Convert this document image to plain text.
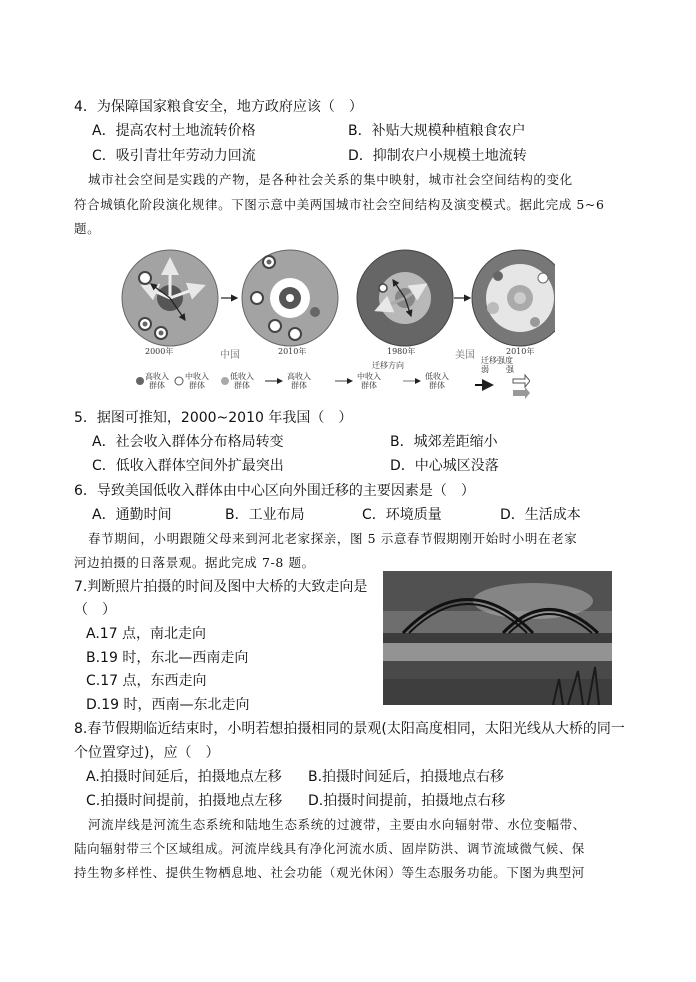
4．为保障国家粮食安全，地方政府应该（　）
A．提高农村土地流转价格	B．补贴大规模种植粮食农户
C．吸引青壮年劳动力回流	D．抑制农户小规模土地流转
城市社会空间是实践的产物，是各种社会关系的集中映射，城市社会空间结构的变化
符合城镇化阶段演化规律。下图示意中美两国城市社会空间结构及演变模式。据此完成 5~6
题。
2000年	中国	2010年	1980年	美国	2010年
高收入
群体
中收入
群体
低收入
群体
迁移方向
高收入
群体
中收入
群体
低收入
群体
迁移强度
弱 强
5．据图可推知，2000~2010 年我国（　）
A．社会收入群体分布格局转变	B．城郊差距缩小
C．低收入群体空间外扩最突出	D．中心城区没落
6．导致美国低收入群体由中心区向外围迁移的主要因素是（　）
A．通勤时间	B．工业布局	C．环境质量	D．生活成本
春节期间，小明跟随父母来到河北老家探亲，图 5 示意春节假期刚开始时小明在老家
河边拍摄的日落景观。据此完成 7-8 题。
7.判断照片拍摄的时间及图中大桥的大致走向是
（　）
A.17 点，南北走向
B.19 时，东北—西南走向
C.17 点，东西走向
D.19 时，西南—东北走向
8.春节假期临近结束时，小明若想拍摄相同的景观(太阳高度相同，太阳光线从大桥的同一
个位置穿过)，应（　）
A.拍摄时间延后，拍摄地点左移 B.拍摄时间延后，拍摄地点右移
C.拍摄时间提前，拍摄地点左移 D.拍摄时间提前，拍摄地点右移
河流岸线是河流生态系统和陆地生态系统的过渡带，主要由水向辐射带、水位变幅带、
陆向辐射带三个区域组成。河流岸线具有净化河流水质、固岸防洪、调节流域微气候、保
持生物多样性、提供生物栖息地、社会功能（观光休闲）等生态服务功能。下图为典型河
